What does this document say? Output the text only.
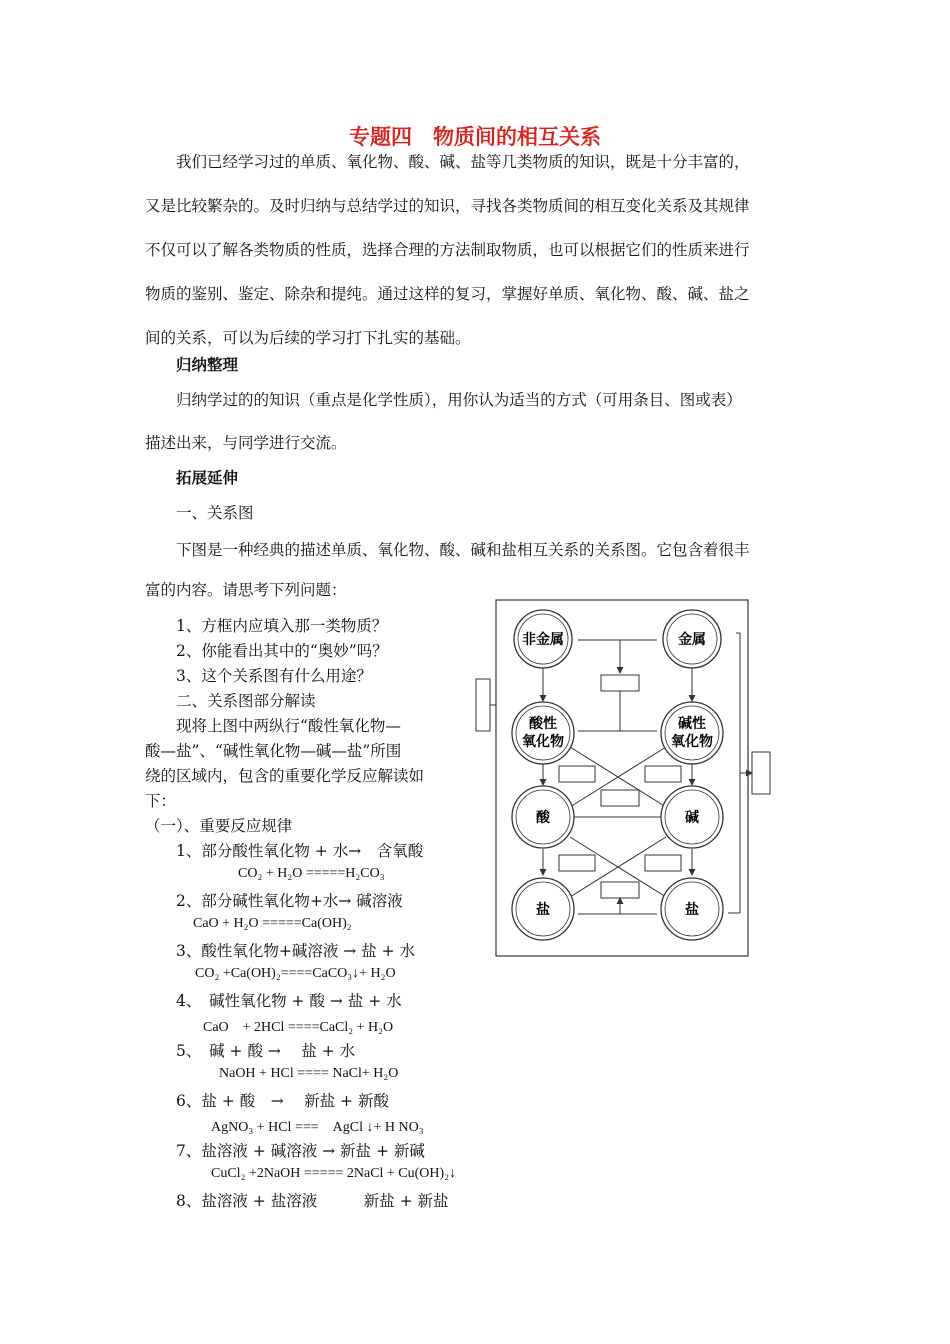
专题四　物质间的相互关系

我们已经学习过的单质、氧化物、酸、碱、盐等几类物质的知识，既是十分丰富的，

又是比较繁杂的。及时归纳与总结学过的知识，寻找各类物质间的相互变化关系及其规律

不仅可以了解各类物质的性质，选择合理的方法制取物质，也可以根据它们的性质来进行

物质的鉴别、鉴定、除杂和提纯。通过这样的复习，掌握好单质、氧化物、酸、碱、盐之

间的关系，可以为后续的学习打下扎实的基础。

归纳整理
归纳学过的的知识（重点是化学性质），用你认为适当的方式（可用条目、图或表）
描述出来，与同学进行交流。
拓展延伸
一、关系图
下图是一种经典的描述单质、氧化物、酸、碱和盐相互关系的关系图。它包含着很丰
富的内容。请思考下列问题：
1、方框内应填入那一类物质？
2、你能看出其中的“奥妙”吗？
3、这个关系图有什么用途？
二、关系图部分解读
现将上图中两纵行“酸性氧化物—
酸—盐”、“碱性氧化物—碱—盐”所围
绕的区域内，包含的重要化学反应解读如
下：
（一）、重要反应规律
1、部分酸性氧化物 + 水→　含氧酸
CO₂ + H₂O =====H₂CO₃
2、部分碱性氧化物+水→ 碱溶液
CaO + H₂O =====Ca(OH)₂
3、酸性氧化物+碱溶液 → 盐 + 水
CO₂ +Ca(OH)₂====CaCO₃↓+ H₂O
4、　碱性氧化物 + 酸 → 盐 + 水
CaO　+ 2HCl ====CaCl₂ + H₂O
5、　碱 + 酸 →　 盐 + 水
NaOH + HCl ==== NaCl+ H₂O
6、盐 + 酸　→　 新盐 + 新酸
AgNO₃ + HCl ===　AgCl ↓+ H NO₃
7、盐溶液 + 碱溶液 → 新盐 + 新碱
CuCl₂ +2NaOH ===== 2NaCl + Cu(OH)₂↓
8、盐溶液 + 盐溶液　　　新盐 + 新盐
非金属	金属
酸性
氧化物
碱性
氧化物
酸	碱
盐	盐
